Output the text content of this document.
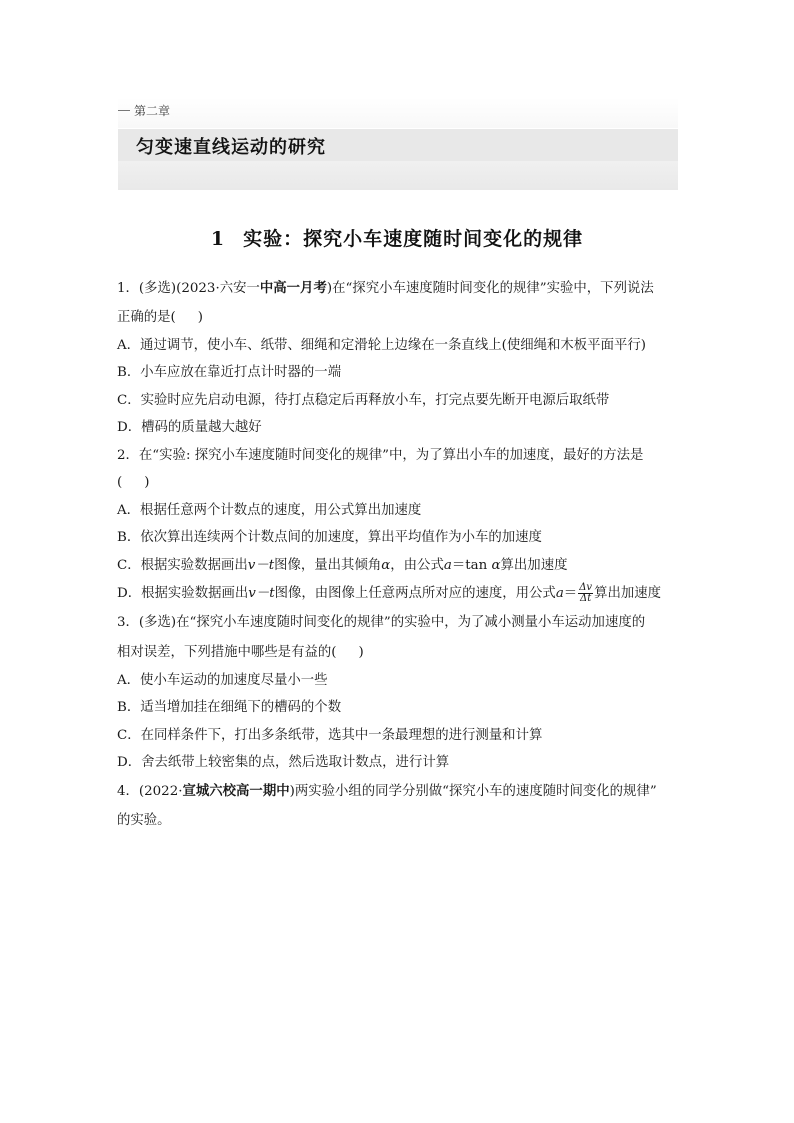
第二章
匀变速直线运动的研究
1 实验：探究小车速度随时间变化的规律
1．(多选)(2023·六安一中高一月考)在“探究小车速度随时间变化的规律”实验中，下列说法
正确的是( )
A．通过调节，使小车、纸带、细绳和定滑轮上边缘在一条直线上(使细绳和木板平面平行)
B．小车应放在靠近打点计时器的一端
C．实验时应先启动电源，待打点稳定后再释放小车，打完点要先断开电源后取纸带
D．槽码的质量越大越好
2．在“实验: 探究小车速度随时间变化的规律”中，为了算出小车的加速度，最好的方法是
( )
A．根据任意两个计数点的速度，用公式算出加速度
B．依次算出连续两个计数点间的加速度，算出平均值作为小车的加速度
C．根据实验数据画出v－t图像，量出其倾角α，由公式a＝tan α算出加速度
D．根据实验数据画出v－t图像，由图像上任意两点所对应的速度，用公式$a= \frac{\Delta v}{\Delta t}$ 算出加速度
3．(多选)在“探究小车速度随时间变化的规律”的实验中，为了减小测量小车运动加速度的
相对误差，下列措施中哪些是有益的( )
A．使小车运动的加速度尽量小一些
B．适当增加挂在细绳下的槽码的个数
C．在同样条件下，打出多条纸带，选其中一条最理想的进行测量和计算
D．舍去纸带上较密集的点，然后选取计数点，进行计算
4．(2022·宣城六校高一期中)两实验小组的同学分别做“探究小车的速度随时间变化的规律”
的实验。
